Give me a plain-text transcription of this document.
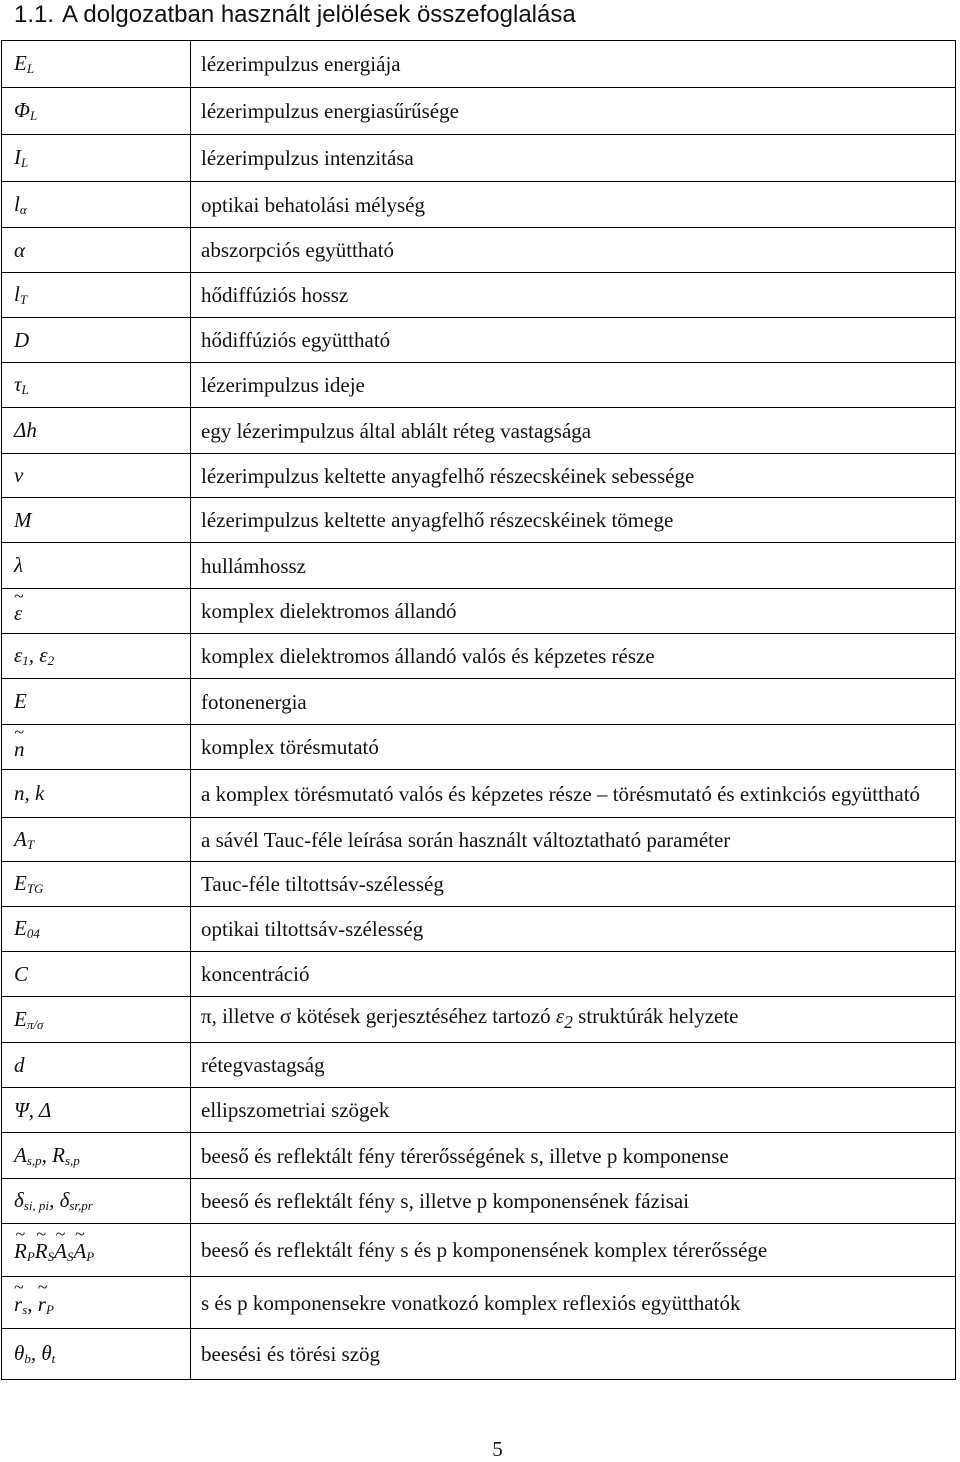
1.1. A dolgozatban használt jelölések összefoglalása
$E_L$	lézerimpulzus energiája
$\Phi_L$	lézerimpulzus energiasűrűsége
$I_L$	lézerimpulzus intenzitása
$l_\alpha$	optikai behatolási mélység
α	abszorpciós együttható
$l_T$	hődiffúziós hossz
D	hődiffúziós együttható
$\tau_L$	lézerimpulzus ideje
Δh	egy lézerimpulzus által ablált réteg vastagsága
v	lézerimpulzus keltette anyagfelhő részecskéinek sebessége
M	lézerimpulzus keltette anyagfelhő részecskéinek tömege
λ	hullámhossz
~ ε	komplex dielektromos állandó
$\varepsilon_1$, $\varepsilon_2$	komplex dielektromos állandó valós és képzetes része
E	fotonenergia
~ n	komplex törésmutató
n, k	a komplex törésmutató valós és képzetes része – törésmutató és extinkciós együttható
$A_T$	a sávél Tauc-féle leírása során használt változtatható paraméter
$E_{TG}$	Tauc-féle tiltottsáv-szélesség
$E_{04}$	optikai tiltottsáv-szélesség
C	koncentráció
$E_{\pi/\sigma}$	π, illetve σ kötések gerjesztéséhez tartozó $\varepsilon_2$ struktúrák helyzete
d	rétegvastagság
Ψ, Δ	ellipszometriai szögek
$A_{s,p}$, $R_{s,p}$	beeső és reflektált fény térerősségének s, illetve p komponense
$\delta_{si, pi}$, $\delta_{sr,pr}$	beeső és reflektált fény s, illetve p komponensének fázisai
~ $R_P\sim$ $R_S\sim$ $A_S\sim$ $A_P$	beeső és reflektált fény s és p komponensének komplex térerőssége
~ $r_s$, ~ $r_P$	s és p komponensekre vonatkozó komplex reflexiós együtthatók
$\theta_b$, $\theta_t$	beesési és törési szög
5
